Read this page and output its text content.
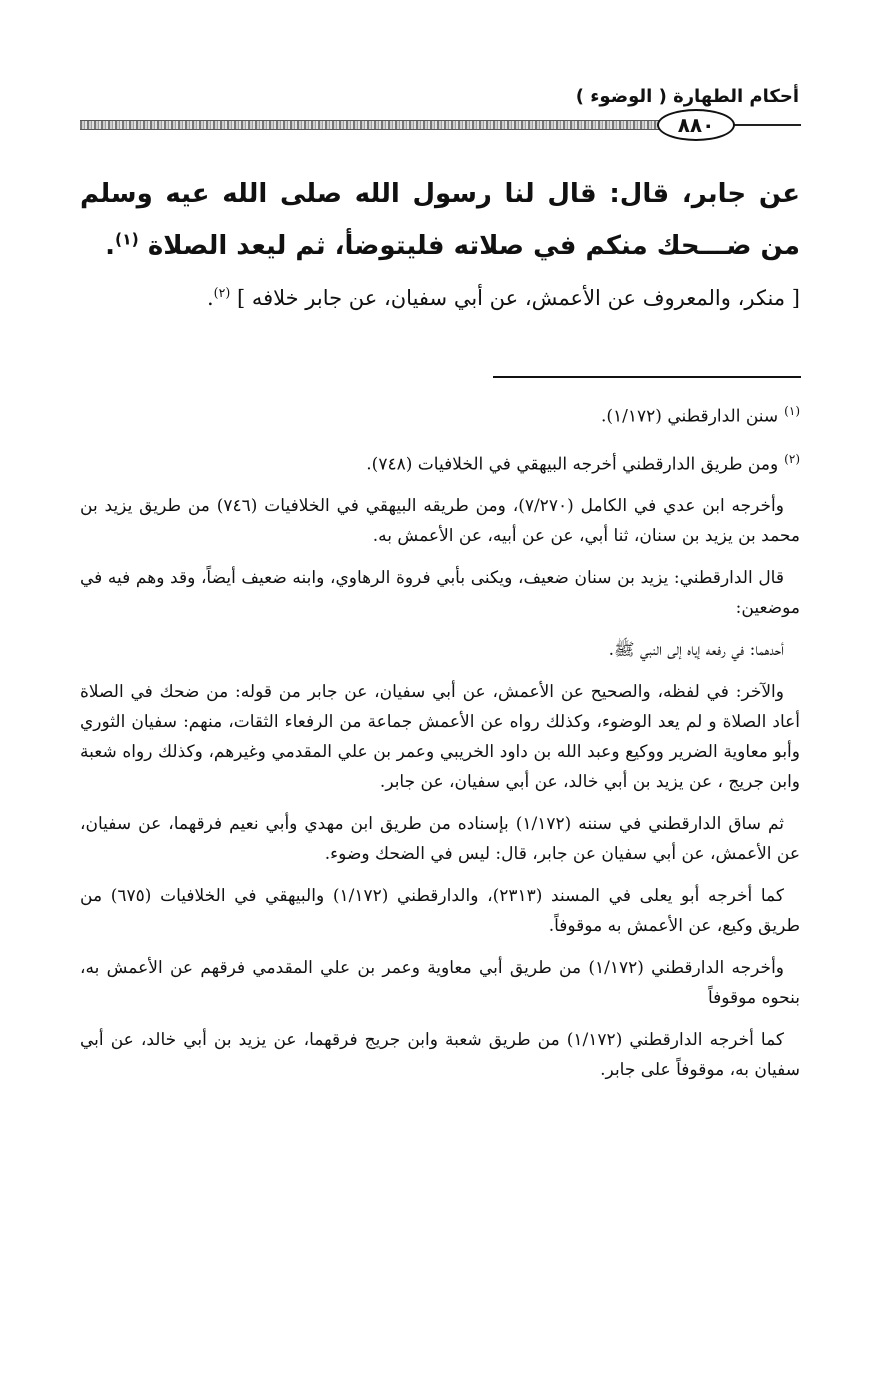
أحكام الطهارة ( الوضوء )
٨٨٠
عن جابر، قال: قال لنا رسول الله صلى الله عيه وسلم من ضـــحك منكم في صلاته فليتوضأ، ثم ليعد الصلاة $^{(١)}$.
[ منكر، والمعروف عن الأعمش، عن أبي سفيان، عن جابر خلافه ] $^{(٢)}$.

$^{(١)}$سنن الدارقطني (١/١٧٢).

$^{(٢)}$ومن طريق الدارقطني أخرجه البيهقي في الخلافيات (٧٤٨).

وأخرجه ابن عدي في الكامل (٧/٢٧٠)، ومن طريقه البيهقي في الخلافيات (٧٤٦) من طريق يزيد بن محمد بن يزيد بن سنان، ثنا أبي، عن عن أبيه، عن الأعمش به.

قال الدارقطني: يزيد بن سنان ضعيف، ويكنى بأبي فروة الرهاوي، وابنه ضعيف أيضاً، وقد وهم فيه في موضعين:

أحدهما: في رفعه إياه إلى النبي ﷺ.

والآخر: في لفظه، والصحيح عن الأعمش، عن أبي سفيان، عن جابر من قوله: من ضحك في الصلاة أعاد الصلاة و لم يعد الوضوء، وكذلك رواه عن الأعمش جماعة من الرفعاء الثقات، منهم: سفيان الثوري وأبو معاوية الضرير ووكيع وعبد الله بن داود الخريبي وعمر بن علي المقدمي وغيرهم، وكذلك رواه شعبة وابن جريج ، عن يزيد بن أبي خالد، عن أبي سفيان، عن جابر.

ثم ساق الدارقطني في سننه (١/١٧٢) بإسناده من طريق ابن مهدي وأبي نعيم فرقهما، عن سفيان، عن الأعمش، عن أبي سفيان عن جابر، قال: ليس في الضحك وضوء.

كما أخرجه أبو يعلى في المسند (٢٣١٣)، والدارقطني (١/١٧٢) والبيهقي في الخلافيات (٦٧٥) من طريق وكيع، عن الأعمش به موقوفاً.

وأخرجه الدارقطني (١/١٧٢) من طريق أبي معاوية وعمر بن علي المقدمي فرقهم عن الأعمش به، بنحوه موقوفاً

كما أخرجه الدارقطني (١/١٧٢) من طريق شعبة وابن جريج فرقهما، عن يزيد بن أبي خالد، عن أبي سفيان به، موقوفاً على جابر.
